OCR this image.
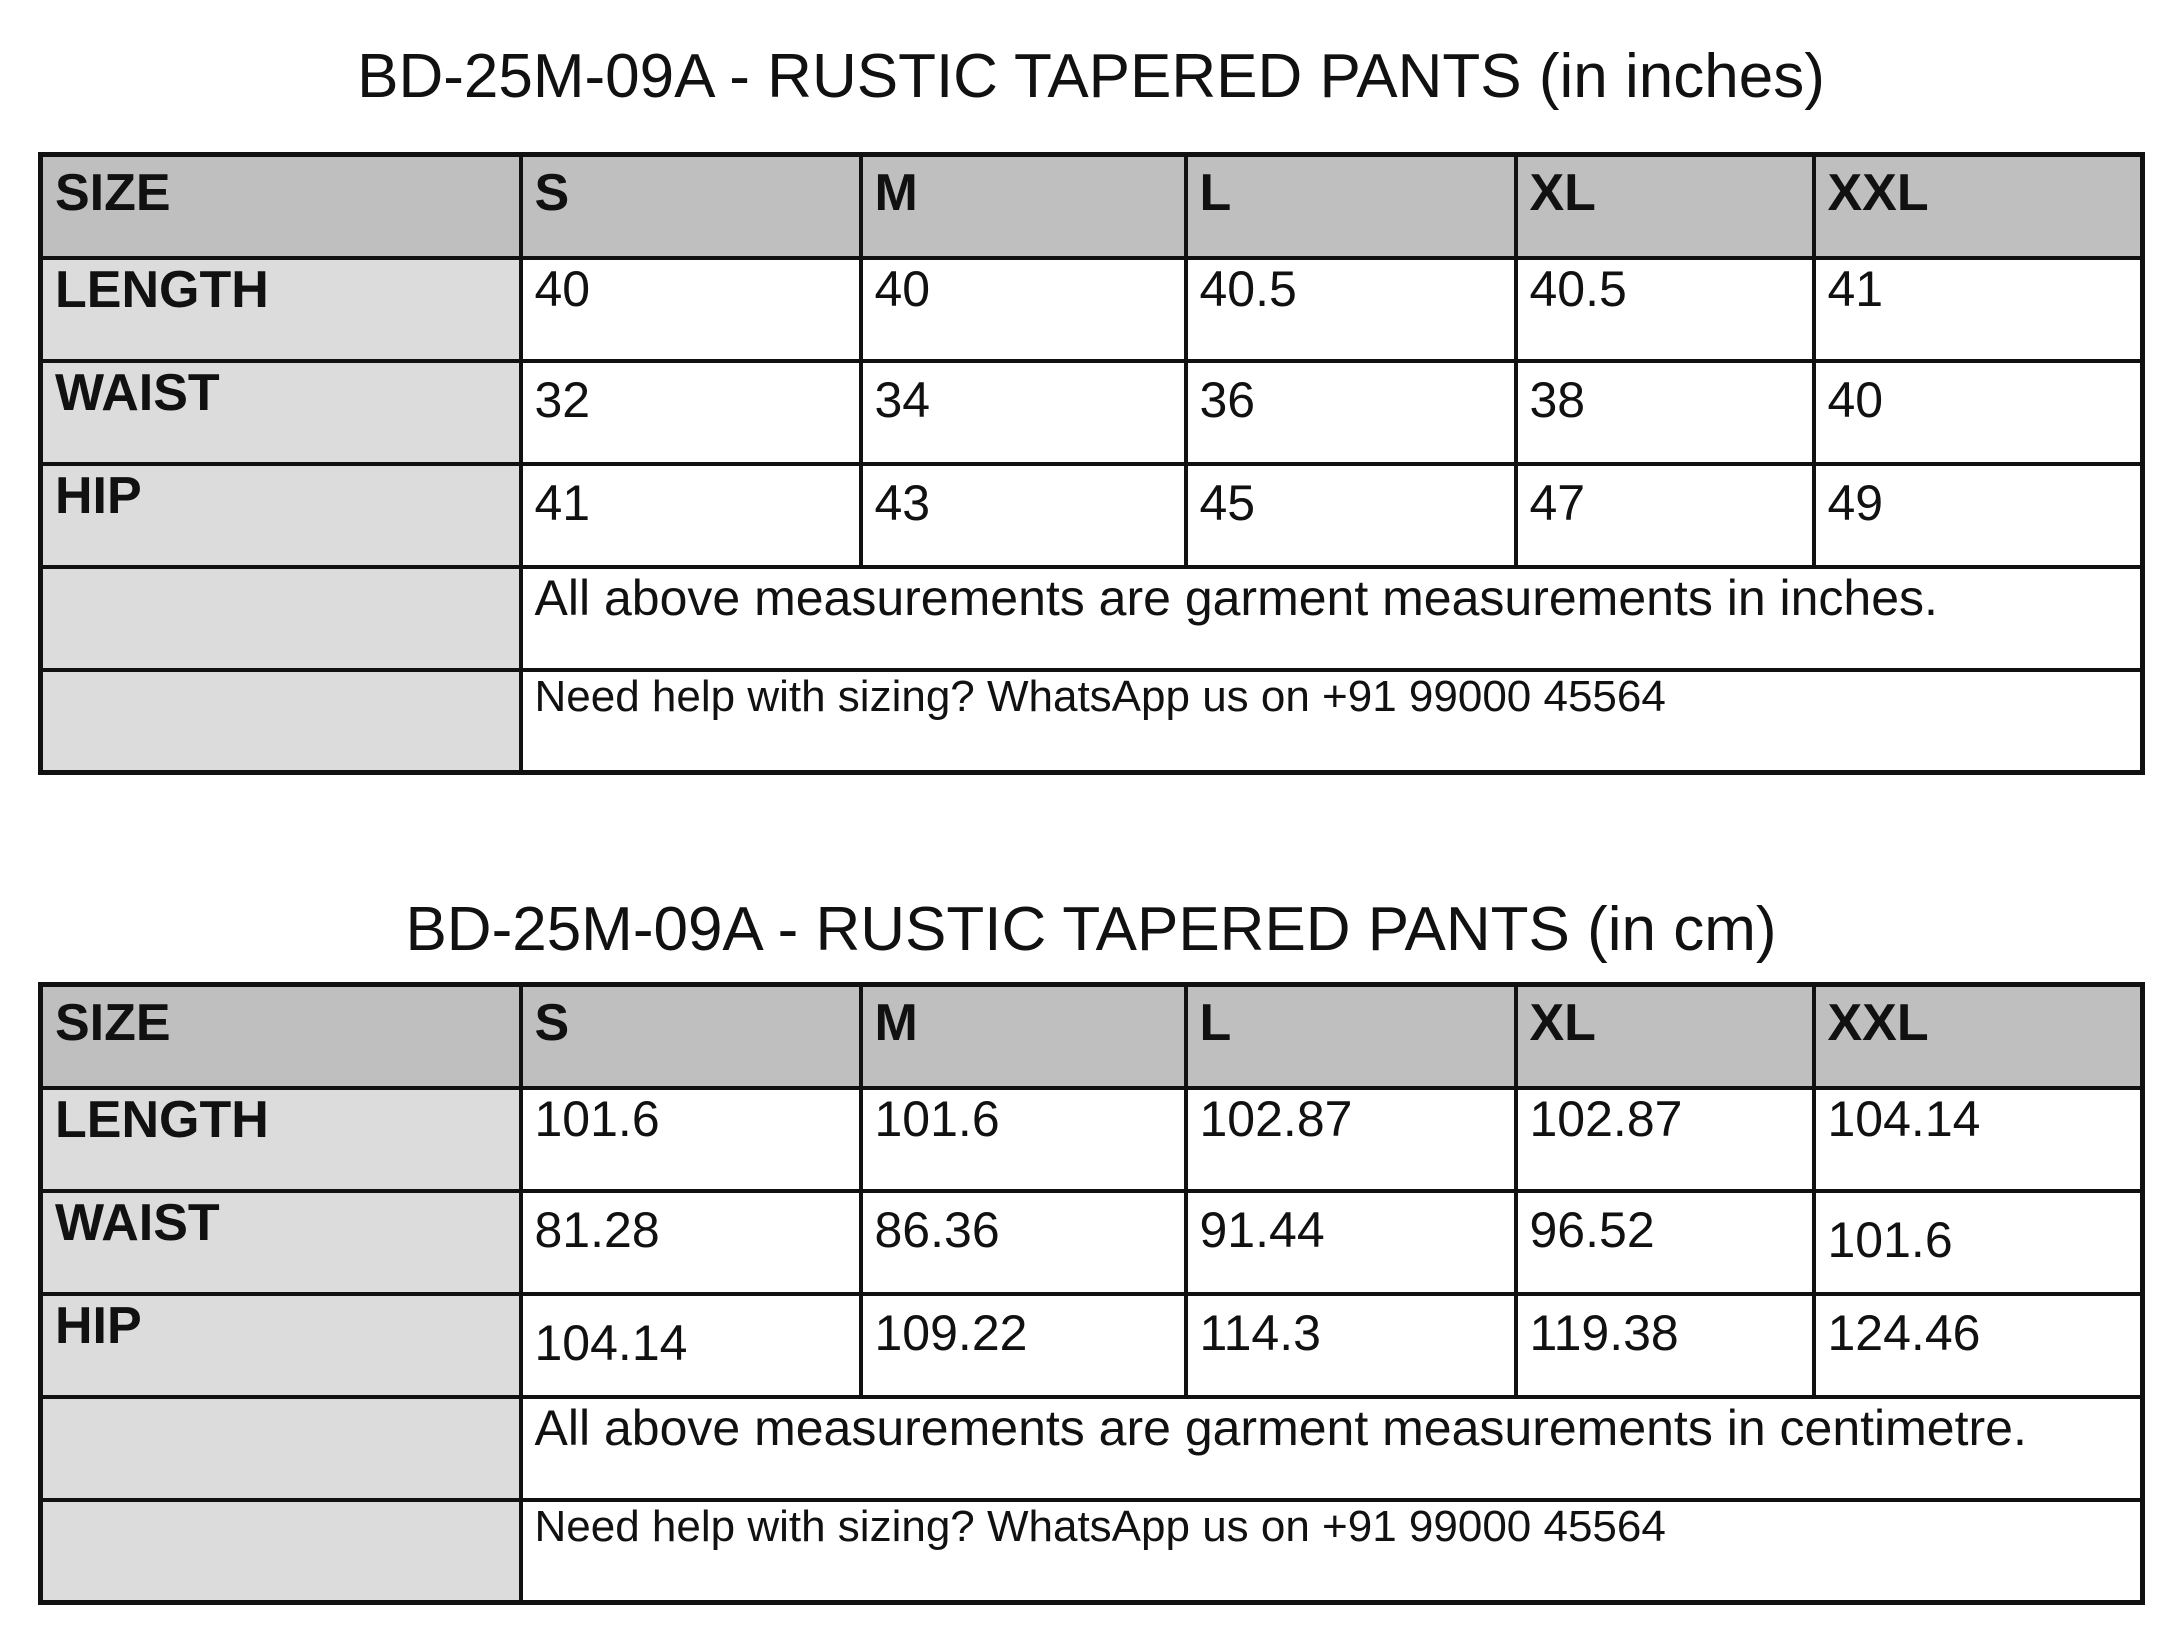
BD-25M-09A - RUSTIC TAPERED PANTS (in inches)
SIZE	S	M	L	XL	XXL
LENGTH	40	40	40.5	40.5	41
WAIST	32	34	36	38	40
HIP	41	43	45	47	49
	All above measurements are garment measurements in inches.				
	Need help with sizing? WhatsApp us on +91 99000 45564				
BD-25M-09A - RUSTIC TAPERED PANTS (in cm)
SIZE	S	M	L	XL	XXL
LENGTH	101.6	101.6	102.87	102.87	104.14
WAIST	81.28	86.36	91.44	96.52	101.6
HIP	104.14	109.22	114.3	119.38	124.46
	All above measurements are garment measurements in centimetre.				
	Need help with sizing? WhatsApp us on +91 99000 45564				
